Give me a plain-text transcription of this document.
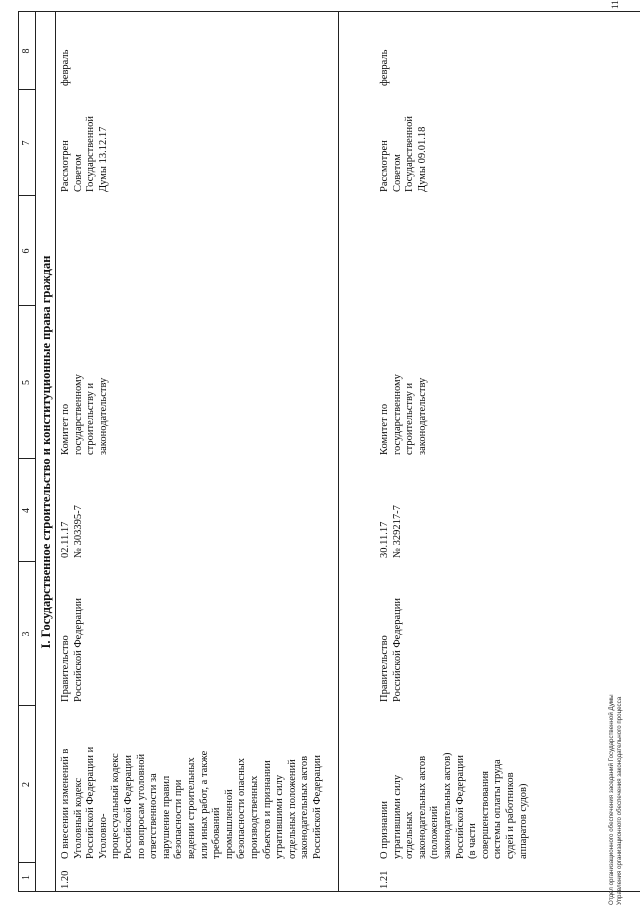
1
2
3
4
5
6
7
8
I. Государственное строительство и конституционные права граждан
1.20
О внесении изменений в
Уголовный кодекс
Российской Федерации и
Уголовно-
процессуальный кодекс
Российской Федерации
по вопросам уголовной
ответственности за
нарушение правил
безопасности при
ведении строительных
или иных работ, а также
требований
промышленной
безопасности опасных
производственных
объектов и признании
утратившими силу
отдельных положений
законодательных актов
Российской Федерации
Правительство
Российской Федерации
02.11.17
№ 303395-7
Комитет по
государственному
строительству и
законодательству
Рассмотрен
Советом
Государственной
Думы 13.12.17
февраль
1.21
О признании
утратившими силу
отдельных
законодательных актов
(положений
законодательных актов)
Российской Федерации
(в части
совершенствования
системы оплаты труда
судей и работников
аппаратов судов)
Правительство
Российской Федерации
30.11.17
№ 329217-7
Комитет по
государственному
строительству и
законодательству
Рассмотрен
Советом
Государственной
Думы 09.01.18
февраль
11
Отдел организационного обеспечения заседаний Государственной Думы Управления организационного обеспечения законодательного процесса
